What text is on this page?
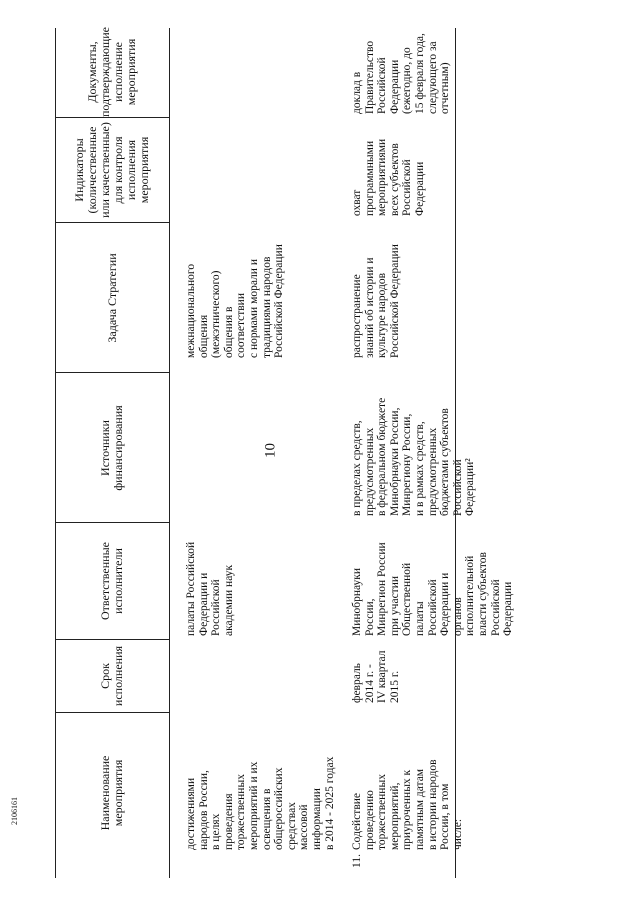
10
2106161	Наименование
мероприятия
Срок
исполнения
Ответственные
исполнители
Источники
финансирования
Задача Стратегии
Индикаторы
(количественные
или качественные)
для контроля
исполнения
мероприятия
Документы,
подтверждающие
исполнение
мероприятия
достижениями
народов России,
в целях
проведения
торжественных
мероприятий и их
освещения в
общероссийских
средствах
массовой
информации
в 2014 - 2025 годах
палаты Российской
Федерации и
Российской
академии наук
межнационального
общения
(межэтнического)
общения в
соответствии
с нормами морали и
традициями народов
Российской Федерации
11.
Содействие
проведению
торжественных
мероприятий,
приуроченных к
памятным датам
в истории народов
России, в том
числе:
февраль
2014 г. -
IV квартал
2015 г.
Минобрнауки
России,
Минрегион России
при участии
Общественной
палаты
Российской
Федерации и
органов
исполнительной
власти субъектов
Российской
Федерации
в пределах средств,
предусмотренных
в федеральном бюджете
Минобрнауки России,
Минрегиону России,
и в рамках средств,
предусмотренных
бюджетами субъектов
Российской
Федерации²
распространение
знаний об истории и
культуре народов
Российской Федерации
охват
программными
мероприятиями
всех субъектов
Российской
Федерации
доклад в
Правительство
Российской
Федерации
(ежегодно, до
15 февраля года,
следующего за
отчетным)
